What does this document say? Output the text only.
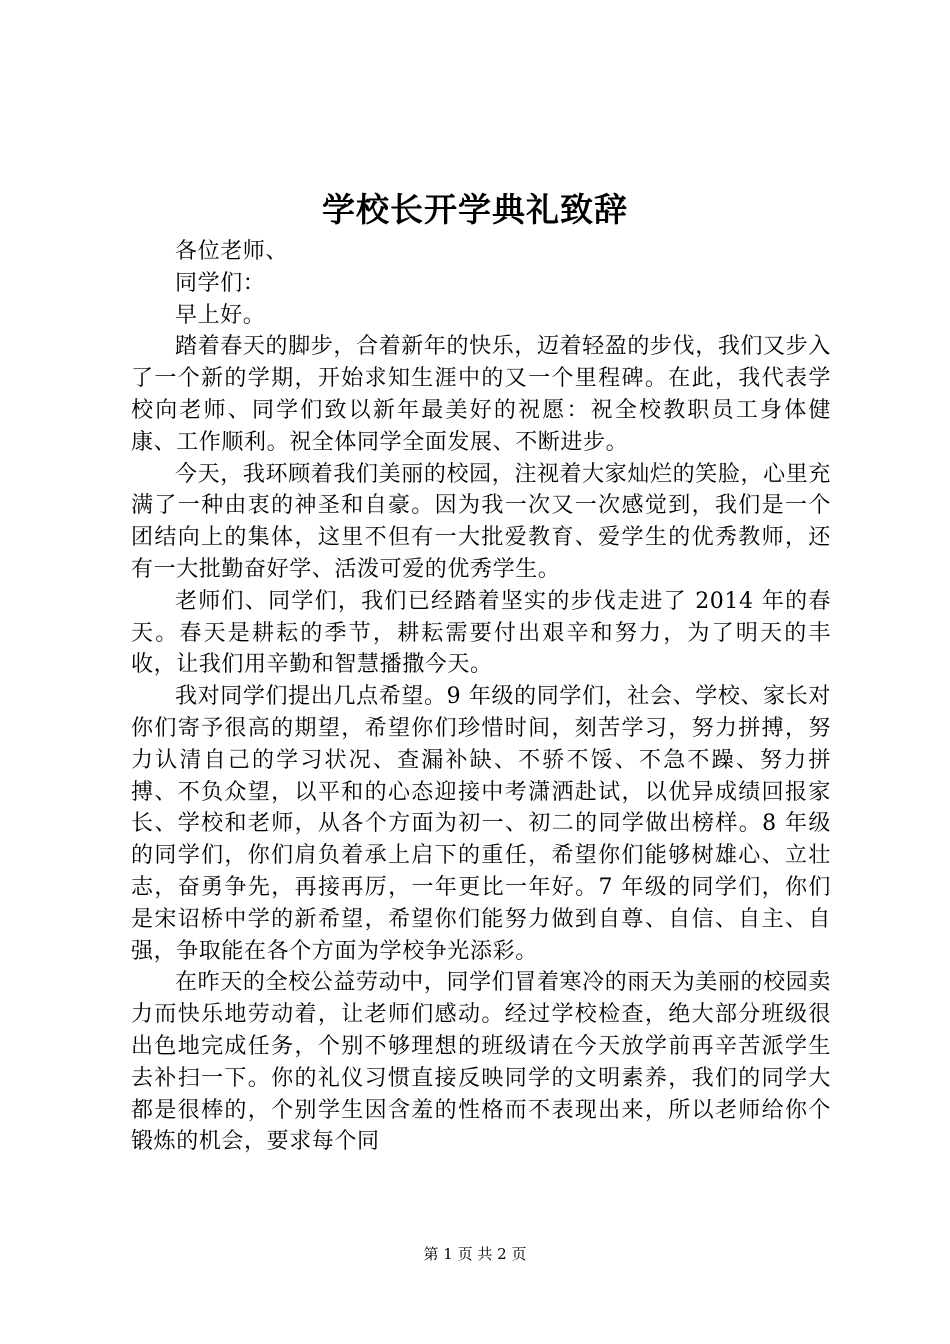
学校长开学典礼致辞

各位老师、

同学们：

早上好。

踏着春天的脚步，合着新年的快乐，迈着轻盈的步伐，我们又步入了一个新的学期，开始求知生涯中的又一个里程碑。在此，我代表学校向老师、同学们致以新年最美好的祝愿：祝全校教职员工身体健康、工作顺利。祝全体同学全面发展、不断进步。

今天，我环顾着我们美丽的校园，注视着大家灿烂的笑脸，心里充满了一种由衷的神圣和自豪。因为我一次又一次感觉到，我们是一个团结向上的集体，这里不但有一大批爱教育、爱学生的优秀教师，还有一大批勤奋好学、活泼可爱的优秀学生。

老师们、同学们，我们已经踏着坚实的步伐走进了 2014 年的春天。春天是耕耘的季节，耕耘需要付出艰辛和努力，为了明天的丰收，让我们用辛勤和智慧播撒今天。

我对同学们提出几点希望。9 年级的同学们，社会、学校、家长对你们寄予很高的期望，希望你们珍惜时间，刻苦学习，努力拼搏，努力认清自己的学习状况、查漏补缺、不骄不馁、不急不躁、努力拼搏、不负众望，以平和的心态迎接中考潇洒赴试，以优异成绩回报家长、学校和老师，从各个方面为初一、初二的同学做出榜样。8 年级的同学们，你们肩负着承上启下的重任，希望你们能够树雄心、立壮志，奋勇争先，再接再厉，一年更比一年好。7 年级的同学们，你们是宋诏桥中学的新希望，希望你们能努力做到自尊、自信、自主、自强，争取能在各个方面为学校争光添彩。

在昨天的全校公益劳动中，同学们冒着寒冷的雨天为美丽的校园卖力而快乐地劳动着，让老师们感动。经过学校检查，绝大部分班级很出色地完成任务，个别不够理想的班级请在今天放学前再辛苦派学生去补扫一下。你的礼仪习惯直接反映同学的文明素养，我们的同学大都是很棒的，个别学生因含羞的性格而不表现出来，所以老师给你个锻炼的机会，要求每个同

第 1 页 共 2 页
